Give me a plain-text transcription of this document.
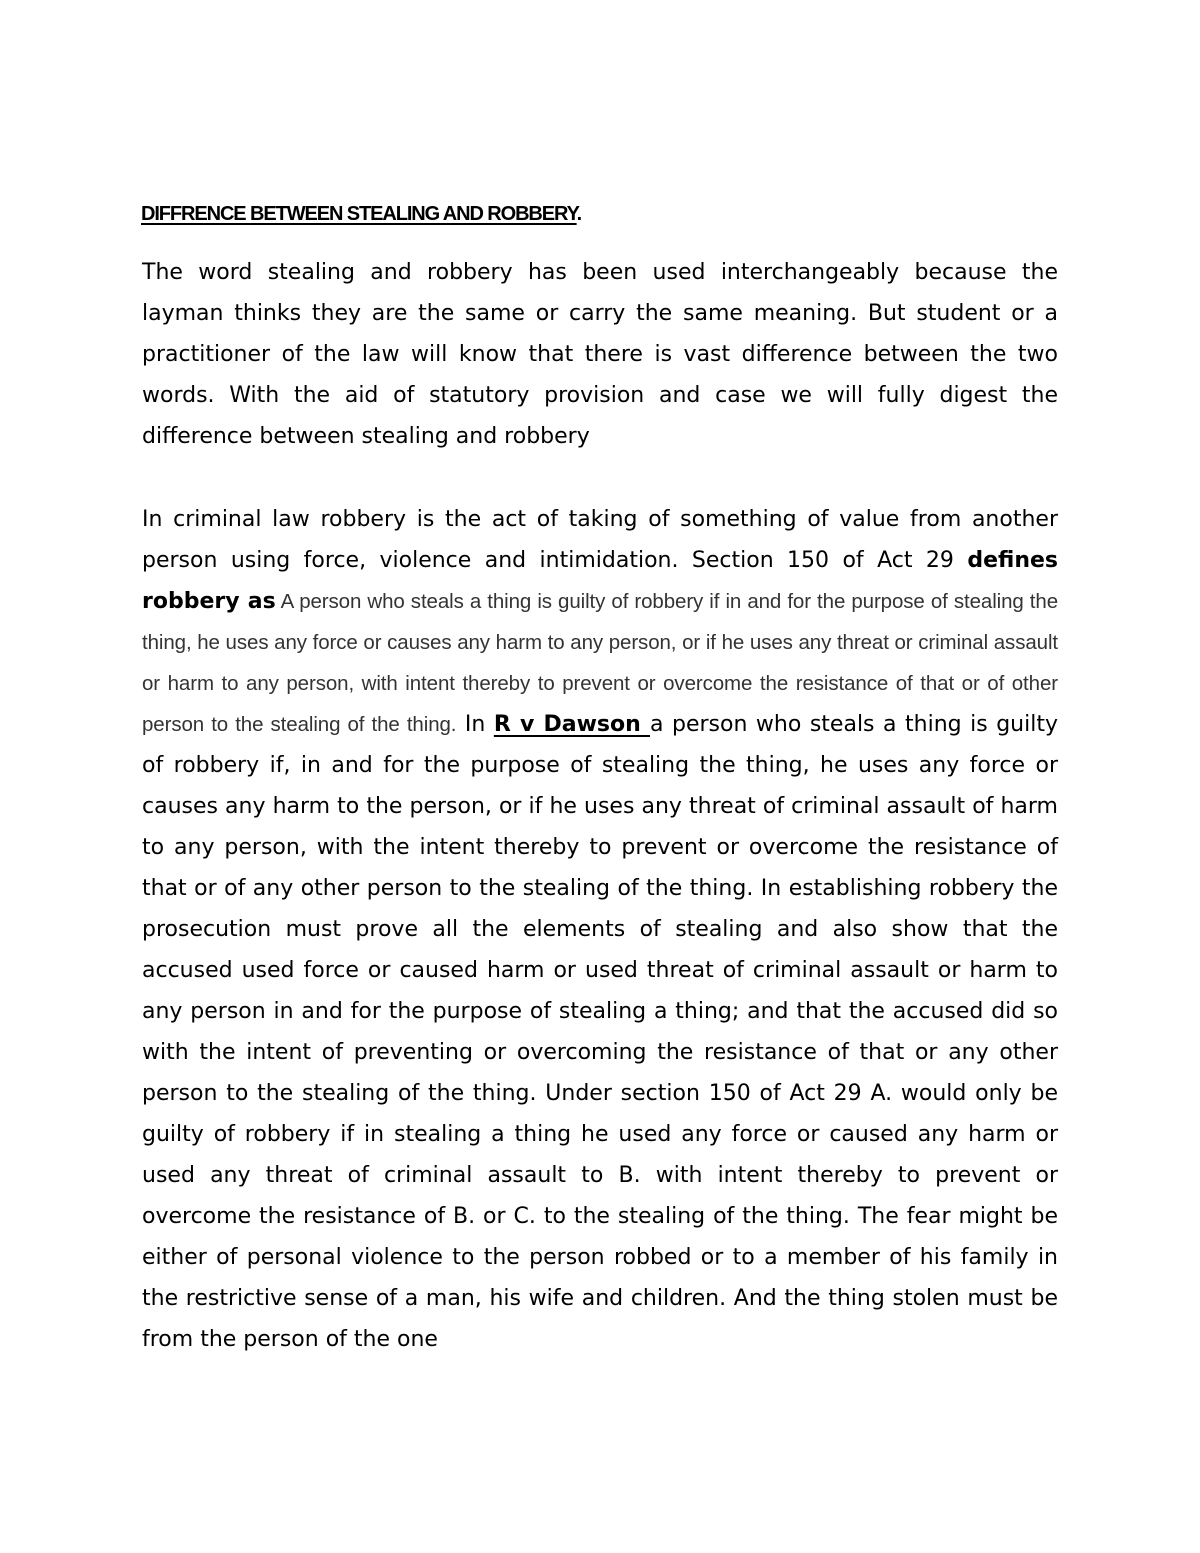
DIFFRENCE BETWEEN STEALING AND ROBBERY.

The word stealing and robbery has been used interchangeably because the layman thinks they are the same or carry the same meaning. But student or a practitioner of the law will know that there is vast difference between the two words. With the aid of statutory provision and case we will fully digest the difference between stealing and robbery

In criminal law robbery is the act of taking of something of value from another person using force, violence and intimidation. Section 150 of Act 29 defines robbery as A person who steals a thing is guilty of robbery if in and for the purpose of stealing the thing, he uses any force or causes any harm to any person, or if he uses any threat or criminal assault or harm to any person, with intent thereby to prevent or overcome the resistance of that or of other person to the stealing of the thing. In R v Dawson a person who steals a thing is guilty of robbery if, in and for the purpose of stealing the thing, he uses any force or causes any harm to the person, or if he uses any threat of criminal assault of harm to any person, with the intent thereby to prevent or overcome the resistance of that or of any other person to the stealing of the thing. In establishing robbery the prosecution must prove all the elements of stealing and also show that the accused used force or caused harm or used threat of criminal assault or harm to any person in and for the purpose of stealing a thing; and that the accused did so with the intent of preventing or overcoming the resistance of that or any other person to the stealing of the thing. Under section 150 of Act 29 A. would only be guilty of robbery if in stealing a thing he used any force or caused any harm or used any threat of criminal assault to B. with intent thereby to prevent or overcome the resistance of B. or C. to the stealing of the thing. The fear might be either of personal violence to the person robbed or to a member of his family in the restrictive sense of a man, his wife and children. And the thing stolen must be from the person of the one
